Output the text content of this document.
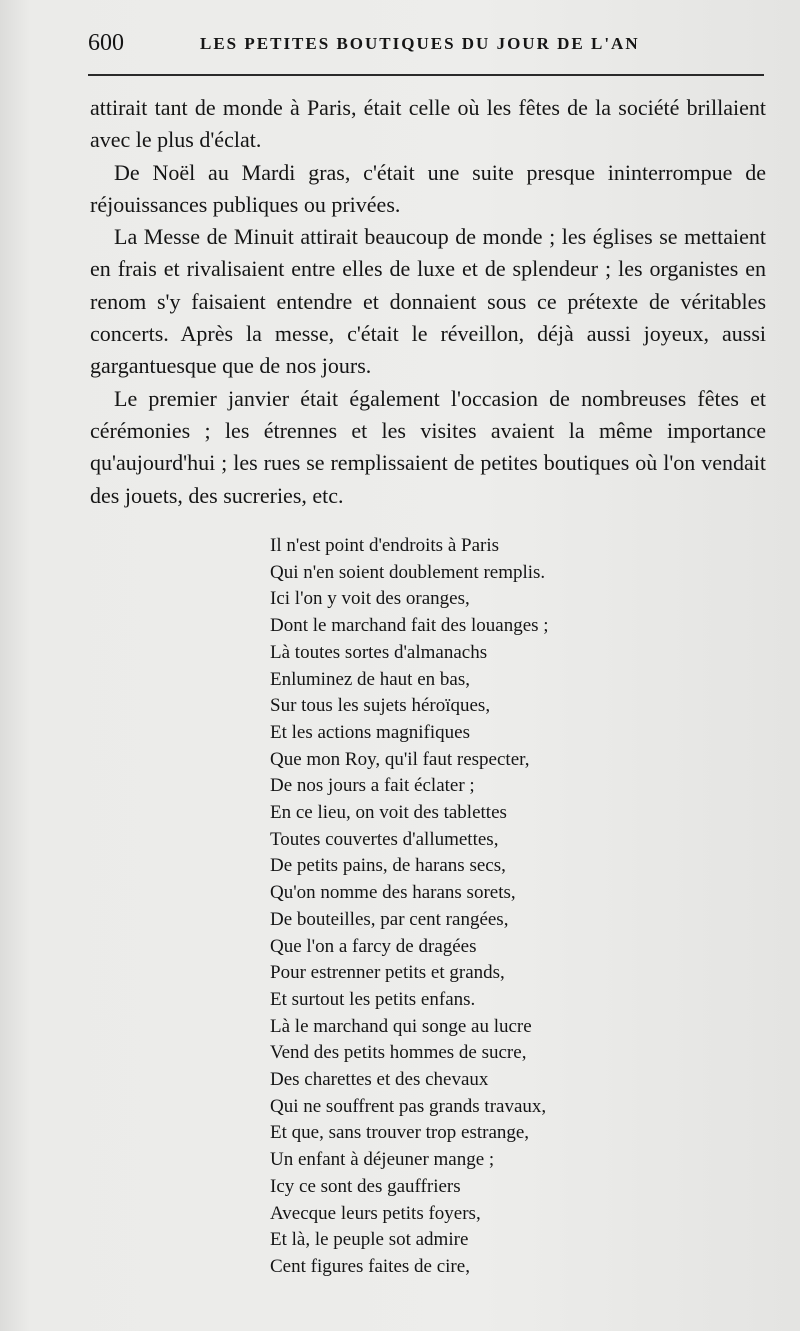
600	LES PETITES BOUTIQUES DU JOUR DE L'AN

attirait tant de monde à Paris, était celle où les fêtes de la société brillaient avec le plus d'éclat.

De Noël au Mardi gras, c'était une suite presque ininterrompue de réjouissances publiques ou privées.

La Messe de Minuit attirait beaucoup de monde ; les églises se mettaient en frais et rivalisaient entre elles de luxe et de splendeur ; les organistes en renom s'y faisaient entendre et donnaient sous ce prétexte de véritables concerts. Après la messe, c'était le réveillon, déjà aussi joyeux, aussi gargantuesque que de nos jours.

Le premier janvier était également l'occasion de nombreuses fêtes et cérémonies ; les étrennes et les visites avaient la même importance qu'aujourd'hui ; les rues se remplissaient de petites boutiques où l'on vendait des jouets, des sucreries, etc.

Il n'est point d'endroits à Paris
Qui n'en soient doublement remplis.
Ici l'on y voit des oranges,
Dont le marchand fait des louanges ;
Là toutes sortes d'almanachs
Enluminez de haut en bas,
Sur tous les sujets héroïques,
Et les actions magnifiques
Que mon Roy, qu'il faut respecter,
De nos jours a fait éclater ;
En ce lieu, on voit des tablettes
Toutes couvertes d'allumettes,
De petits pains, de harans secs,
Qu'on nomme des harans sorets,
De bouteilles, par cent rangées,
Que l'on a farcy de dragées
Pour estrenner petits et grands,
Et surtout les petits enfans.
Là le marchand qui songe au lucre
Vend des petits hommes de sucre,
Des charettes et des chevaux
Qui ne souffrent pas grands travaux,
Et que, sans trouver trop estrange,
Un enfant à déjeuner mange ;
Icy ce sont des gauffriers
Avecque leurs petits foyers,
Et là, le peuple sot admire
Cent figures faites de cire,
